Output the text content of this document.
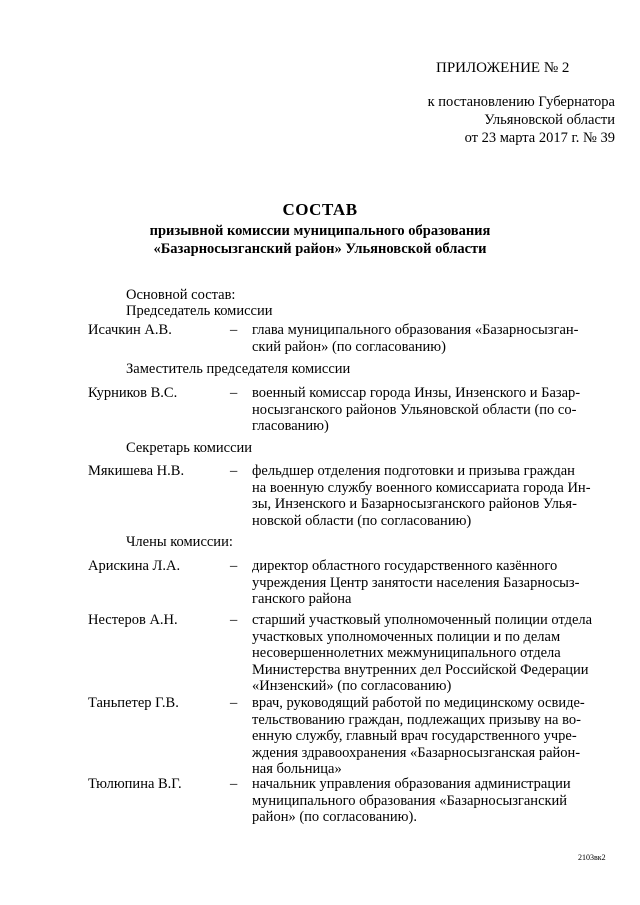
ПРИЛОЖЕНИЕ № 2
к постановлению Губернатора
Ульяновской области
от 23 марта 2017 г. № 39
СОСТАВ
призывной комиссии муниципального образования
«Базарносызганский район» Ульяновской области
Основной состав:
Председатель комиссии
Исачкин А.В.	– глава муниципального образования «Базарносызган-
ский район» (по согласованию)
Заместитель председателя комиссии
Курников В.С.	– военный комиссар города Инзы, Инзенского и Базар-
носызганского районов Ульяновской области (по со-
гласованию)
Секретарь комиссии
Мякишева Н.В.	– фельдшер отделения подготовки и призыва граждан
на военную службу военного комиссариата города Ин-
зы, Инзенского и Базарносызганского районов Улья-
новской области (по согласованию)
Члены комиссии:
Арискина Л.А.	– директор областного государственного казённого
учреждения Центр занятости населения Базарносыз-
ганского района
Нестеров А.Н.	– старший участковый уполномоченный полиции отдела
участковых уполномоченных полиции и по делам
несовершеннолетних межмуниципального отдела
Министерства внутренних дел Российской Федерации
«Инзенский» (по согласованию)
Таньпетер Г.В.	– врач, руководящий работой по медицинскому освиде-
тельствованию граждан, подлежащих призыву на во-
енную службу, главный врач государственного учре-
ждения здравоохранения «Базарносызганская район-
ная больница»
Тюлюпина В.Г.	– начальник управления образования администрации
муниципального образования «Базарносызганский
район» (по согласованию).
2103вк2
